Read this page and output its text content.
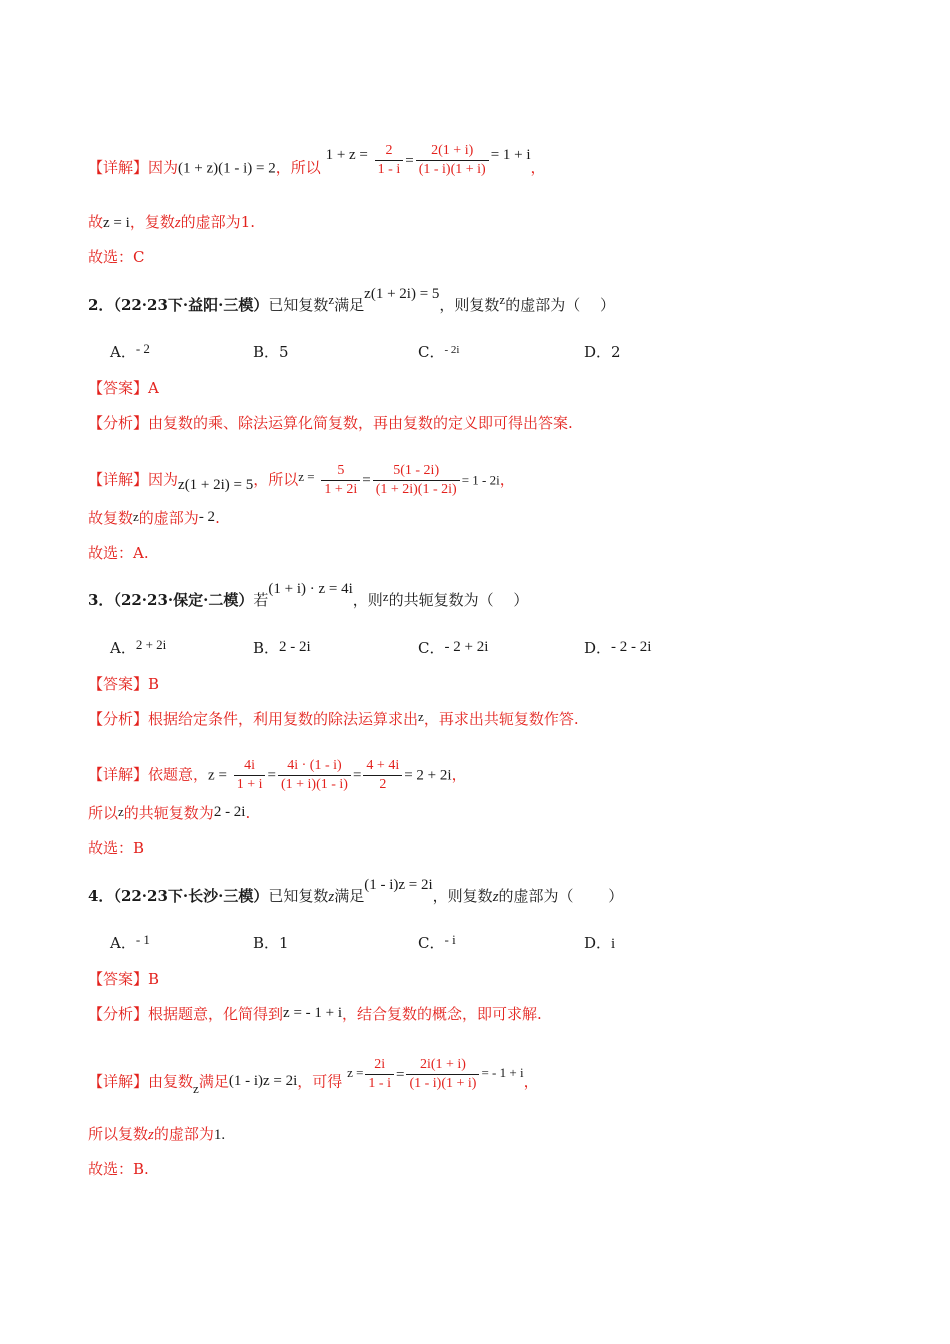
【详解】因为(1 + z)(1 - i) = 2，所以 $1 + z = \frac{2}{1 - i} = \frac{2(1 + i)}{(1 - i)(1 + i)} = 1 + i$，
故z = i，复数z的虚部为1.
故选：C
2．（22·23下·益阳·三模）已知复数z满足z(1 + 2i) = 5，则复数z的虚部为（　 ）
A．- 2	B．5	C．$^{- 2i}$	D．2
【答案】A
【分析】由复数的乘、除法运算化简复数，再由复数的定义即可得出答案.
【详解】因为z(1 + 2i) = 5，所以$z = \frac{5}{1 + 2i} = \frac{5(1 - 2i)}{(1 + 2i)(1 - 2i)} = 1 - 2i$，
故复数z的虚部为- 2.
故选：A.
3．（22·23·保定·二模）若(1 + i) · z = 4i，则z的共轭复数为（　 ）
A．2 + 2i	B．2 - 2i	C．- 2 + 2i	D．- 2 - 2i
【答案】B
【分析】根据给定条件，利用复数的除法运算求出z，再求出共轭复数作答.
【详解】依题意，$z = \frac{4i}{1 + i} = \frac{4i \cdot (1 - i)}{(1 + i)(1 - i)} = \frac{4 + 4i}{2} = 2 + 2i$，
所以z的共轭复数为2 - 2i.
故选：B
4．（22·23下·长沙·三模）已知复数z满足(1 - i)z = 2i，则复数z的虚部为（　　 ）
A．- 1	B．1	C．- i	D．i
【答案】B
【分析】根据题意，化简得到z = - 1 + i，结合复数的概念，即可求解.
【详解】由复数z满足(1 - i)z = 2i，可得 $z = \frac{2i}{1 - i} = \frac{2i(1 + i)}{(1 - i)(1 + i)}$ = - 1 + i，
所以复数z的虚部为1.
故选：B.
